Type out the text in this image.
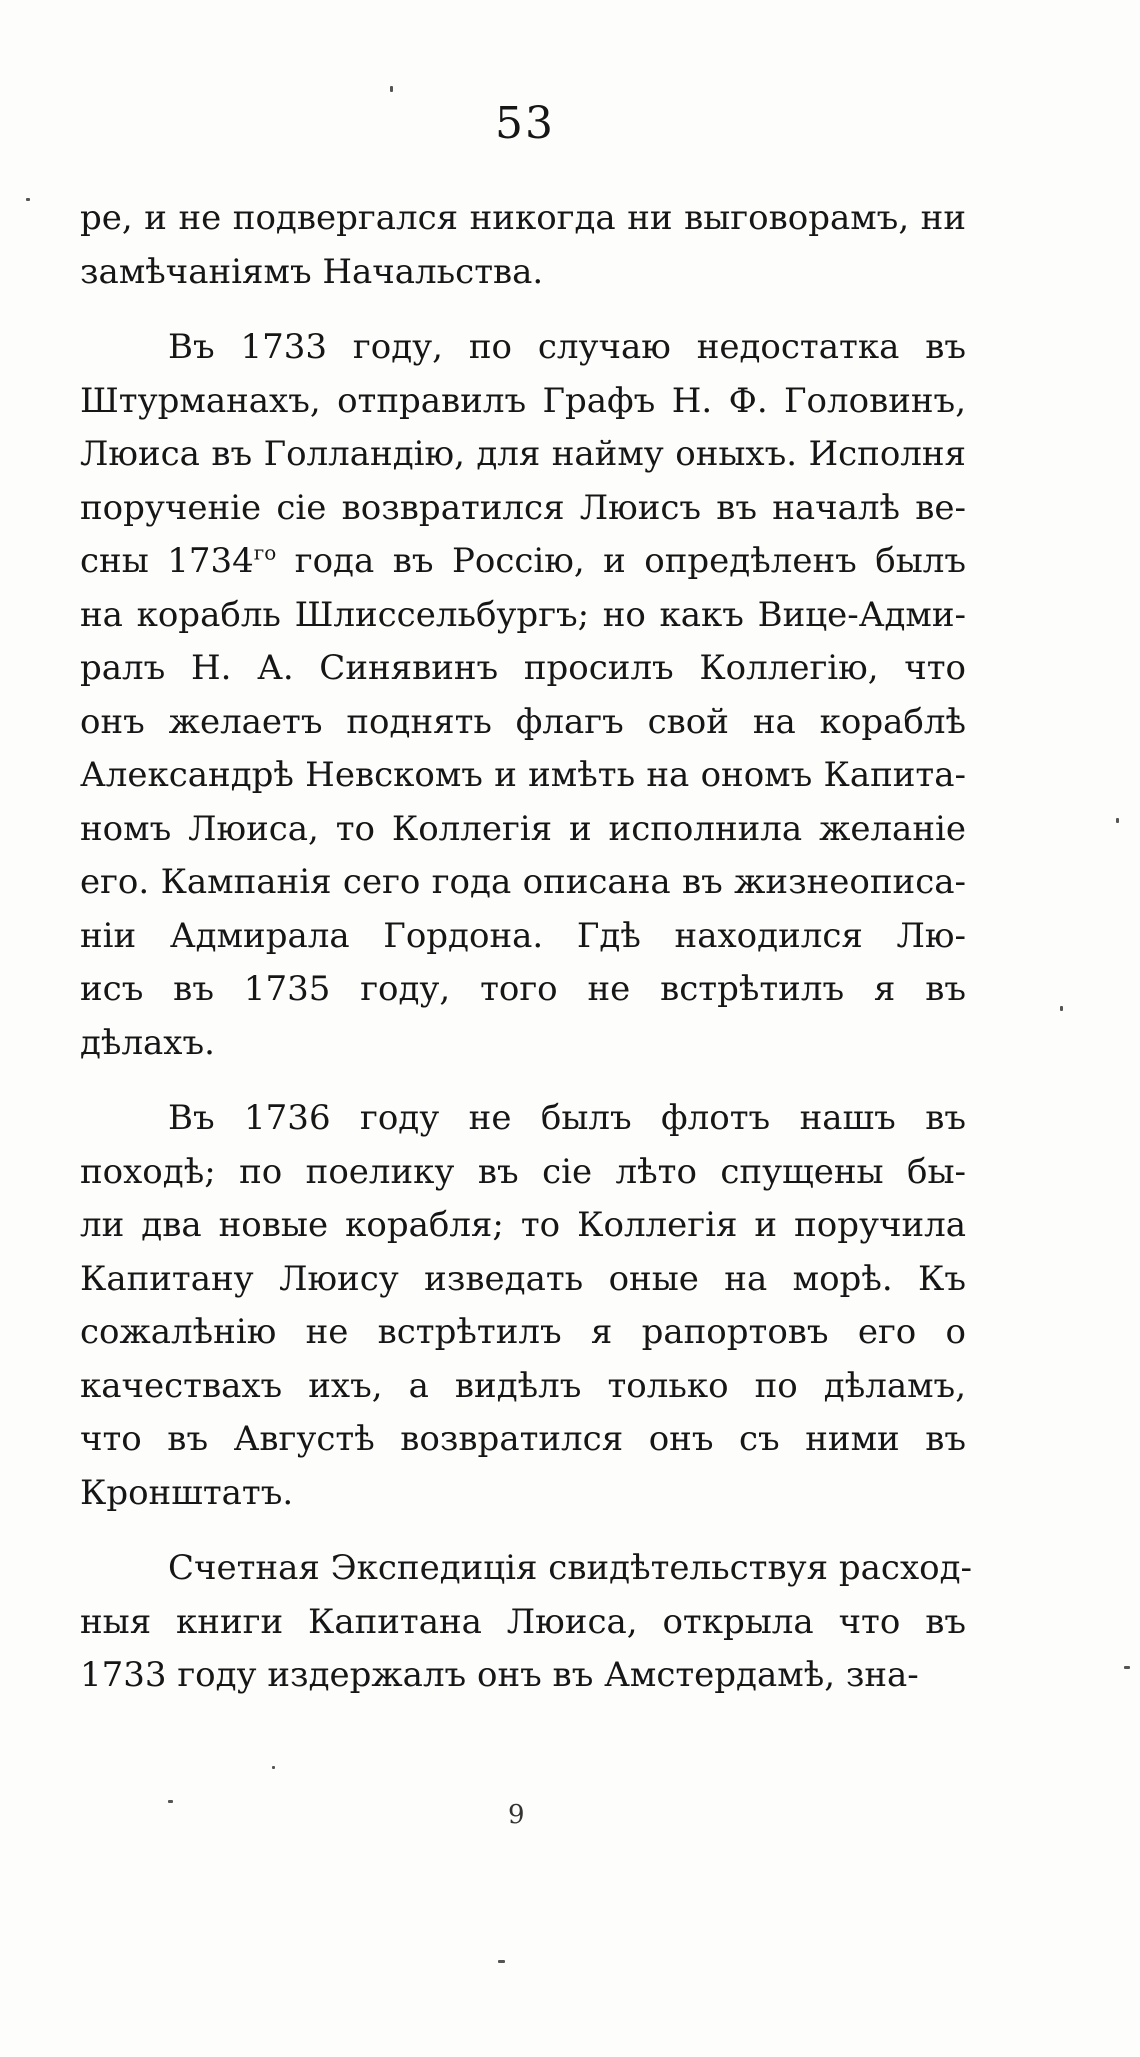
53
ре, и не подвергался никогда ни выговорамъ, ни
замѣчаніямъ Начальства.
Въ 1733 году, по случаю недостатка въ
Штурманахъ, отправилъ Графъ Н. Ф. Головинъ,
Люиса въ Голландію, для найму оныхъ. Исполня
порученіе сіе возвратился Люисъ въ началѣ ве-
сны $1734^{го}$ года въ Россію, и опредѣленъ былъ
на корабль Шлиссельбургъ; но какъ Вице-Адми-
ралъ Н. А. Синявинъ просилъ Коллегію, что
онъ желаетъ поднять флагъ свой на кораблѣ
Александрѣ Невскомъ и имѣть на ономъ Капита-
номъ Люиса, то Коллегія и исполнила желаніе
его. Кампанія сего года описана въ жизнеописа-
ніи Адмирала Гордона. Гдѣ находился Лю-
исъ въ 1735 году, того не встрѣтилъ я въ
дѣлахъ.
Въ 1736 году не былъ флотъ нашъ въ
походѣ; по поелику въ сіе лѣто спущены бы-
ли два новые корабля; то Коллегія и поручила
Капитану Люису изведать оные на морѣ. Къ
сожалѣнію не встрѣтилъ я рапортовъ его о
качествахъ ихъ, а видѣлъ только по дѣламъ,
что въ Августѣ возвратился онъ съ ними въ
Кронштатъ.
Счетная Экспедиція свидѣтельствуя расход-
ныя книги Капитана Люиса, открыла что въ
1733 году издержалъ онъ въ Амстердамѣ, зна-
9
